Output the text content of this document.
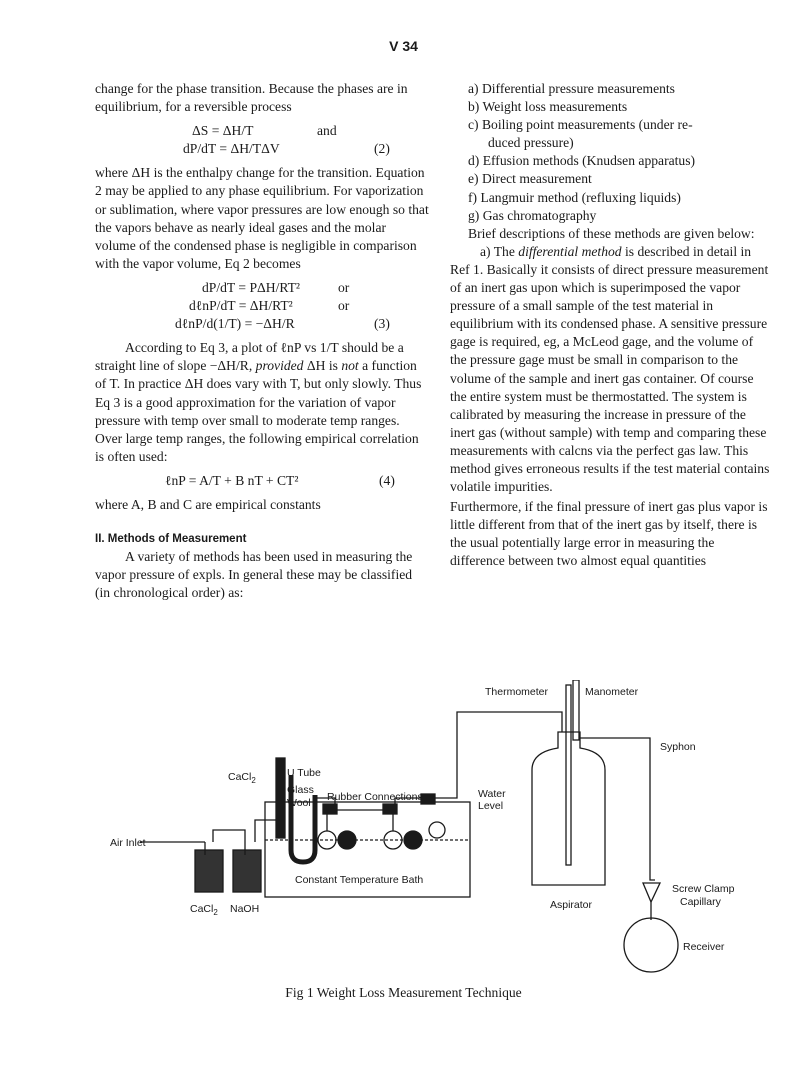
V 34

change for the phase transition. Because the phases are in equilibrium, for a reversible process

ΔS = ΔH/T	and
dP/dT = ΔH/TΔV	(2)

where ΔH is the enthalpy change for the transition. Equation 2 may be applied to any phase equilibrium. For vaporization or sublimation, where vapor pressures are low enough so that the vapors behave as nearly ideal gases and the molar volume of the condensed phase is negligible in comparison with the vapor volume, Eq 2 becomes

dP/dT = PΔH/RT²	or
dℓnP/dT = ΔH/RT²	or
dℓnP/d(1/T) = −ΔH/R	(3)

According to Eq 3, a plot of ℓnP vs 1/T should be a straight line of slope −ΔH/R, provided ΔH is not a function of T. In practice ΔH does vary with T, but only slowly. Thus Eq 3 is a good approximation for the variation of vapor pressure with temp over small to moderate temp ranges. Over large temp ranges, the following empirical correlation is often used:

ℓnP = A/T + B nT + CT²	(4)

where A, B and C are empirical constants

II. Methods of Measurement

A variety of methods has been used in measuring the vapor pressure of expls. In general these may be classified (in chronological order) as:

a) Differential pressure measurements
b) Weight loss measurements
c) Boiling point measurements (under re-
duced pressure)
d) Effusion methods (Knudsen apparatus)
e) Direct measurement
f) Langmuir method (refluxing liquids)
g) Gas chromatography

Brief descriptions of these methods are given below:

a) The differential method is described in detail in Ref 1. Basically it consists of direct pressure measurement of an inert gas upon which is superimposed the vapor pressure of a small sample of the test material in equilibrium with its condensed phase. A sensitive pressure gage is required, eg, a McLeod gage, and the volume of the pressure gage must be small in comparison to the volume of the sample and inert gas container. Of course the entire system must be thermostatted. The system is calibrated by measuring the increase in pressure of the inert gas (without sample) with temp and comparing these measurements with calcns via the perfect gas law. This method gives erroneous results if the test material contains volatile impurities.

Furthermore, if the final pressure of inert gas plus vapor is little different from that of the inert gas by itself, there is the usual potentially large error in measuring the difference between two almost equal quantities

Thermometer	Manometer
Syphon
U Tube
CaCl$_2$
Glass
Wool Rubber Connections	Water
Level
Air Inlet
Constant Temperature Bath
CaCl$_2$ NaOH	Aspirator
Screw Clamp
Capillary
Receiver
Fig 1 Weight Loss Measurement Technique
